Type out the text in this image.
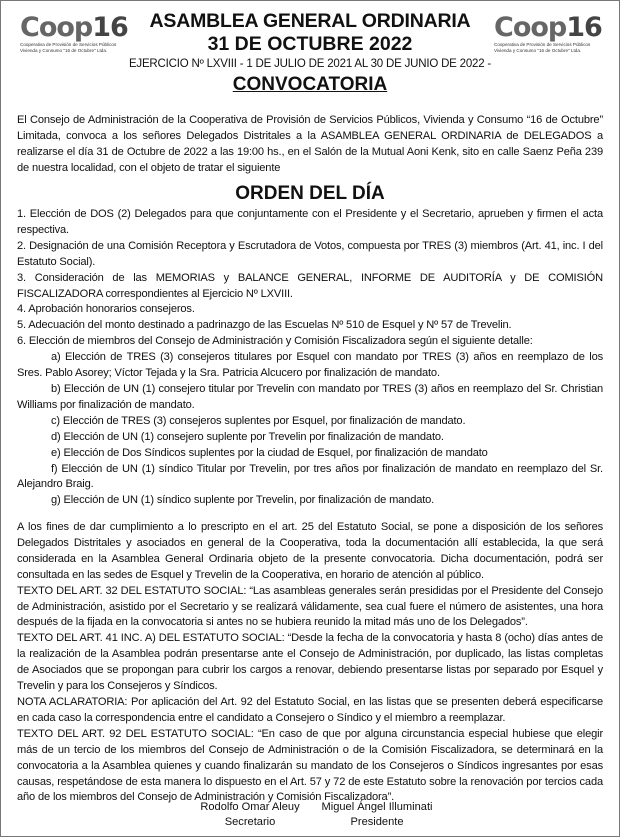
Coop16
Cooperativa de Provisión de Servicios Públicos
Vivienda y Consumo "16 de Octubre" Ltda.
Coop16
Cooperativa de Provisión de Servicios Públicos
Vivienda y Consumo "16 de Octubre" Ltda.
ASAMBLEA GENERAL ORDINARIA
31 DE OCTUBRE 2022
EJERCICIO Nº LXVIII - 1 DE JULIO DE 2021 AL 30 DE JUNIO DE 2022 -
CONVOCATORIA
El Consejo de Administración de la Cooperativa de Provisión de Servicios Públicos, Vivienda y Consumo “16 de Octubre” Limitada, convoca a los señores Delegados Distritales a la ASAMBLEA GENERAL ORDINARIA de DELEGADOS a realizarse el día 31 de Octubre de 2022 a las 19:00 hs., en el Salón de la Mutual Aoni Kenk, sito en calle Saenz Peña 239 de nuestra localidad, con el objeto de tratar el siguiente
ORDEN DEL DÍA

1. Elección de DOS (2) Delegados para que conjuntamente con el Presidente y el Secretario, aprueben y firmen el acta respectiva.

2. Designación de una Comisión Receptora y Escrutadora de Votos, compuesta por TRES (3) miembros (Art. 41, inc. I del Estatuto Social).

3. Consideración de las MEMORIAS y BALANCE GENERAL, INFORME DE AUDITORÍA y DE COMISIÓN FISCALIZADORA correspondientes al Ejercicio Nº LXVIII.

4. Aprobación honorarios consejeros.

5. Adecuación del monto destinado a padrinazgo de las Escuelas Nº 510 de Esquel y Nº 57 de Trevelin.

6. Elección de miembros del Consejo de Administración y Comisión Fiscalizadora según el siguiente detalle:

a) Elección de TRES (3) consejeros titulares por Esquel con mandato por TRES (3) años en reemplazo de los Sres. Pablo Asorey; Víctor Tejada y la Sra. Patricia Alcucero por finalización de mandato.

b) Elección de UN (1) consejero titular por Trevelin con mandato por TRES (3) años en reemplazo del Sr. Christian Williams por finalización de mandato.

c) Elección de TRES (3) consejeros suplentes por Esquel, por finalización de mandato.

d) Elección de UN (1) consejero suplente por Trevelin por finalización de mandato.

e) Elección de Dos Síndicos suplentes por la ciudad de Esquel, por finalización de mandato

f) Elección de UN (1) síndico Titular por Trevelin, por tres años por finalización de mandato en reemplazo del Sr. Alejandro Braig.

g) Elección de UN (1) síndico suplente por Trevelin, por finalización de mandato.

A los fines de dar cumplimiento a lo prescripto en el art. 25 del Estatuto Social, se pone a disposición de los señores Delegados Distritales y asociados en general de la Cooperativa, toda la documentación allí establecida, la que será considerada en la Asamblea General Ordinaria objeto de la presente convocatoria. Dicha documentación, podrá ser consultada en las sedes de Esquel y Trevelin de la Cooperativa, en horario de atención al público.

TEXTO DEL ART. 32 DEL ESTATUTO SOCIAL: “Las asambleas generales serán presididas por el Presidente del Consejo de Administración, asistido por el Secretario y se realizará válidamente, sea cual fuere el número de asistentes, una hora después de la fijada en la convocatoria si antes no se hubiera reunido la mitad más uno de los Delegados”.

TEXTO DEL ART. 41 INC. A) DEL ESTATUTO SOCIAL: “Desde la fecha de la convocatoria y hasta 8 (ocho) días antes de la realización de la Asamblea podrán presentarse ante el Consejo de Administración, por duplicado, las listas completas de Asociados que se propongan para cubrir los cargos a renovar, debiendo presentarse listas por separado por Esquel y Trevelin y para los Consejeros y Síndicos.

NOTA ACLARATORIA: Por aplicación del Art. 92 del Estatuto Social, en las listas que se presenten deberá especificarse en cada caso la correspondencia entre el candidato a Consejero o Síndico y el miembro a reemplazar.

TEXTO DEL ART. 92 DEL ESTATUTO SOCIAL: “En caso de que por alguna circunstancia especial hubiese que elegir más de un tercio de los miembros del Consejo de Administración o de la Comisión Fiscalizadora, se determinará en la convocatoria a la Asamblea quienes y cuando finalizarán su mandato de los Consejeros o Síndicos ingresantes por esas causas, respetándose de esta manera lo dispuesto en el Art. 57 y 72 de este Estatuto sobre la renovación por tercios cada año de los miembros del Consejo de Administración y Comisión Fiscalizadora”.

Rodolfo Omar Aleuy
Secretario
Miguel Ángel Illuminati
Presidente
